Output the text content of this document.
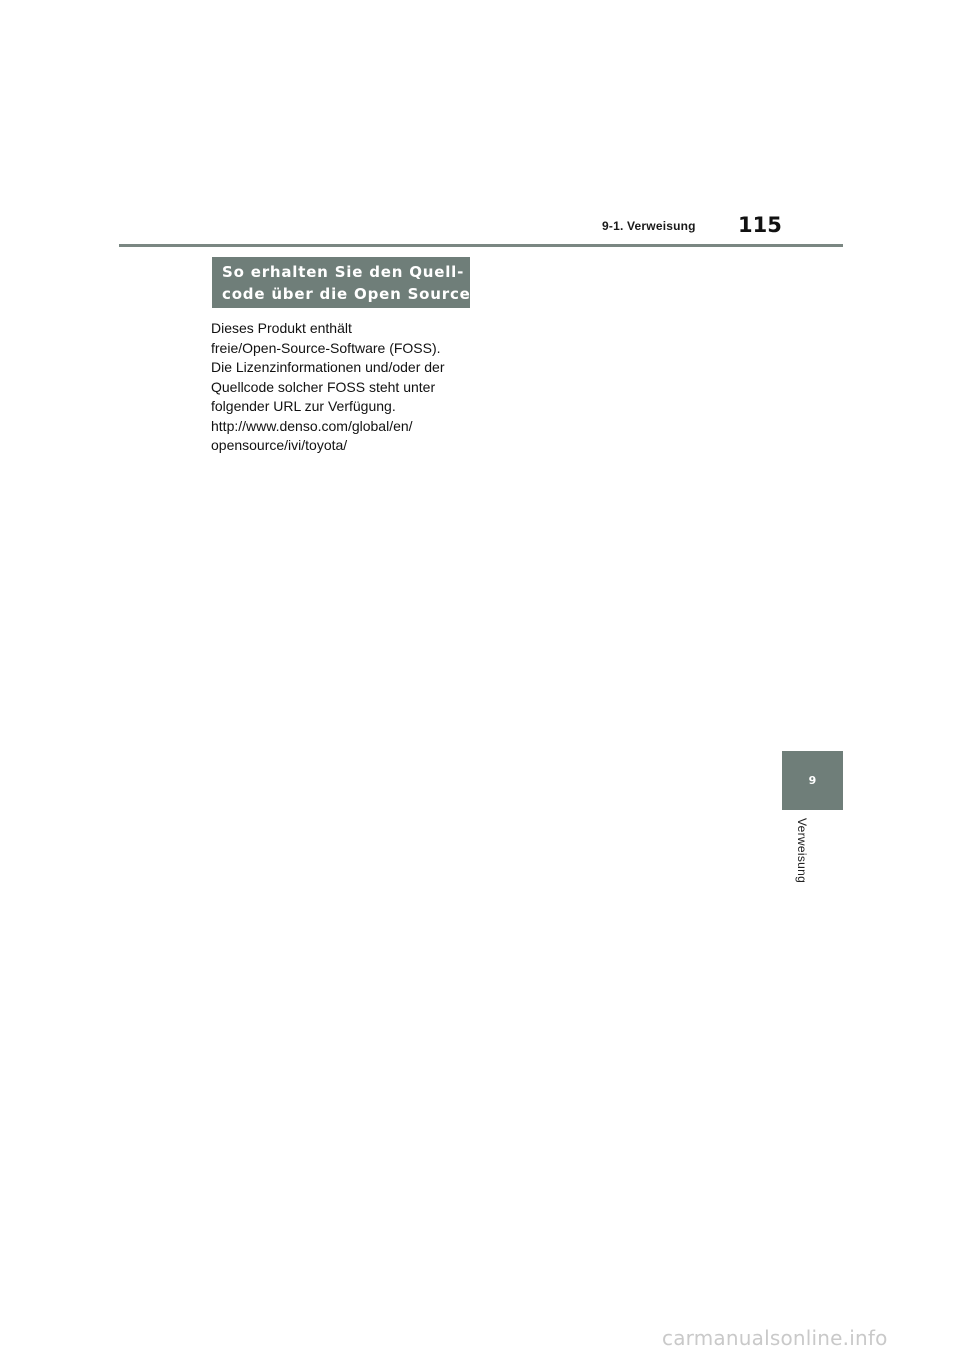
9-1. Verweisung 115
So erhalten Sie den Quell-
code über die Open Source
Dieses Produkt enthält
freie/Open-Source-Software (FOSS).
Die Lizenzinformationen und/oder der
Quellcode solcher FOSS steht unter
folgender URL zur Verfügung.
http://www.denso.com/global/en/
opensource/ivi/toyota/
9
Verweisung
carmanualsonline.info
